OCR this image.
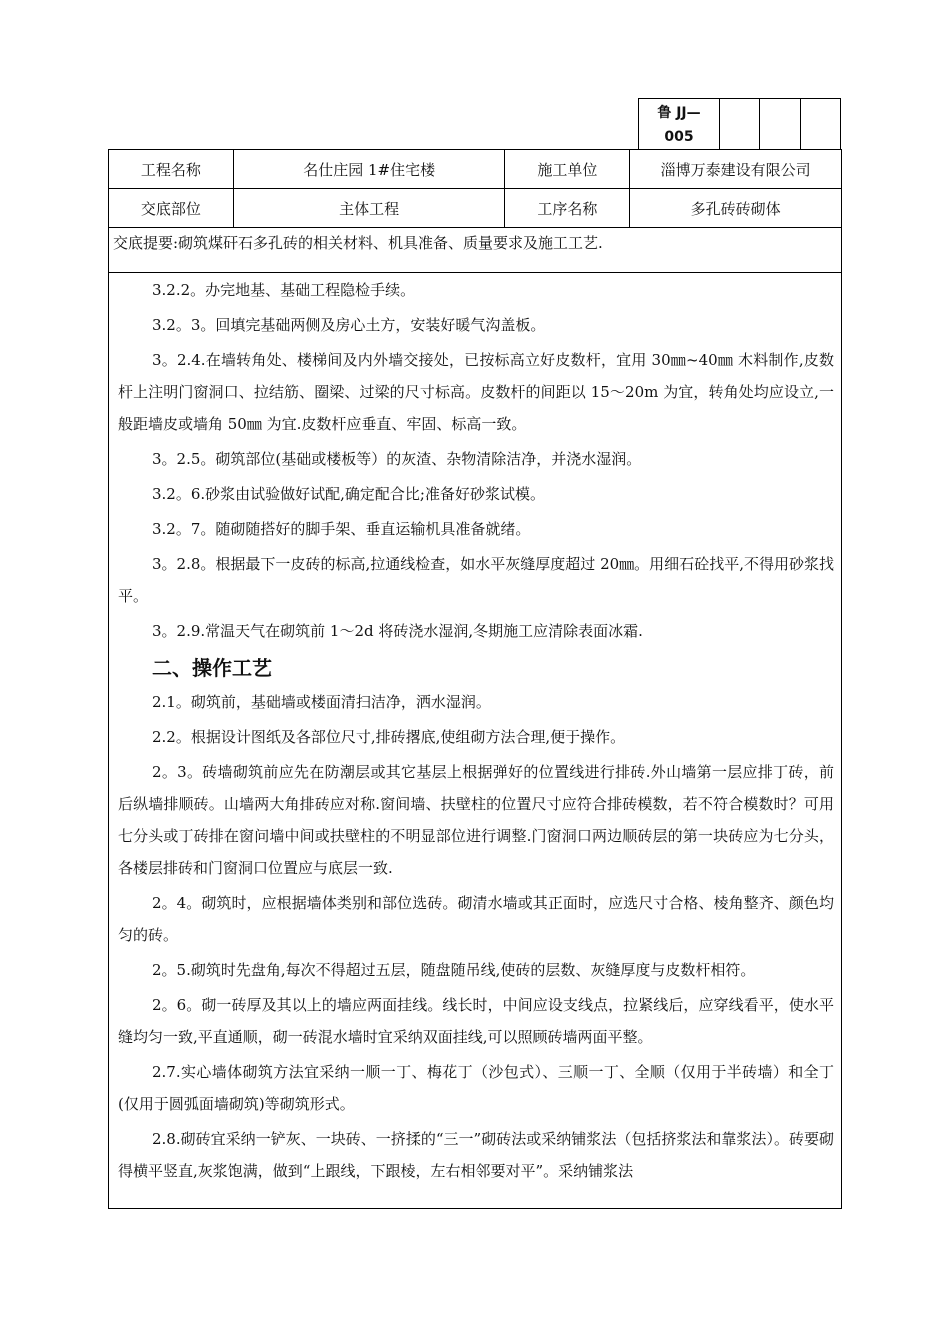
鲁 JJ—
005
工程名称	名仕庄园 1#住宅楼	施工单位	淄博万泰建设有限公司
交底部位	主体工程	工序名称	多孔砖砖砌体
交底提要:砌筑煤矸石多孔砖的相关材料、机具准备、质量要求及施工工艺.			
3.2.2。办完地基、基础工程隐检手续。
3.2。3。回填完基础两侧及房心土方，安装好暖气沟盖板。
3。2.4.在墙转角处、楼梯间及内外墙交接处，已按标高立好皮数杆，宜用 30㎜~40㎜ 木料制作,皮数杆上注明门窗洞口、拉结筋、圈梁、过梁的尺寸标高。皮数杆的间距以 15～20m 为宜，转角处均应设立,一般距墙皮或墙角 50㎜ 为宜.皮数杆应垂直、牢固、标高一致。
3。2.5。砌筑部位(基础或楼板等）的灰渣、杂物清除洁净，并浇水湿润。
3.2。6.砂浆由试验做好试配,确定配合比;准备好砂浆试模。
3.2。7。随砌随搭好的脚手架、垂直运输机具准备就绪。
3。2.8。根据最下一皮砖的标高,拉通线检查，如水平灰缝厚度超过 20㎜。用细石砼找平,不得用砂浆找平。
3。2.9.常温天气在砌筑前 1～2d 将砖浇水湿润,冬期施工应清除表面冰霜.
二、操作工艺
2.1。砌筑前，基础墙或楼面清扫洁净，洒水湿润。
2.2。根据设计图纸及各部位尺寸,排砖撂底,使组砌方法合理,便于操作。
2。3。砖墙砌筑前应先在防潮层或其它基层上根据弹好的位置线进行排砖.外山墙第一层应排丁砖，前后纵墙排顺砖。山墙两大角排砖应对称.窗间墙、扶壁柱的位置尺寸应符合排砖模数，若不符合模数时？可用七分头或丁砖排在窗问墙中间或扶壁柱的不明显部位进行调整.门窗洞口两边顺砖层的第一块砖应为七分头，各楼层排砖和门窗洞口位置应与底层一致.
2。4。砌筑时，应根据墙体类别和部位选砖。砌清水墙或其正面时，应选尺寸合格、棱角整齐、颜色均匀的砖。
2。5.砌筑时先盘角,每次不得超过五层，随盘随吊线,使砖的层数、灰缝厚度与皮数杆相符。
2。6。砌一砖厚及其以上的墙应两面挂线。线长时，中间应设支线点，拉紧线后，应穿线看平，使水平缝均匀一致,平直通顺，砌一砖混水墙时宜采纳双面挂线,可以照顾砖墙两面平整。
2.7.实心墙体砌筑方法宜采纳一顺一丁、梅花丁（沙包式）、三顺一丁、全顺（仅用于半砖墙）和全丁(仅用于圆弧面墙砌筑)等砌筑形式。
2.8.砌砖宜采纳一铲灰、一块砖、一挤揉的“三一”砌砖法或采纳铺浆法（包括挤浆法和靠浆法）。砖要砌得横平竖直,灰浆饱满，做到“上跟线，下跟棱，左右相邻要对平”。采纳铺浆法
